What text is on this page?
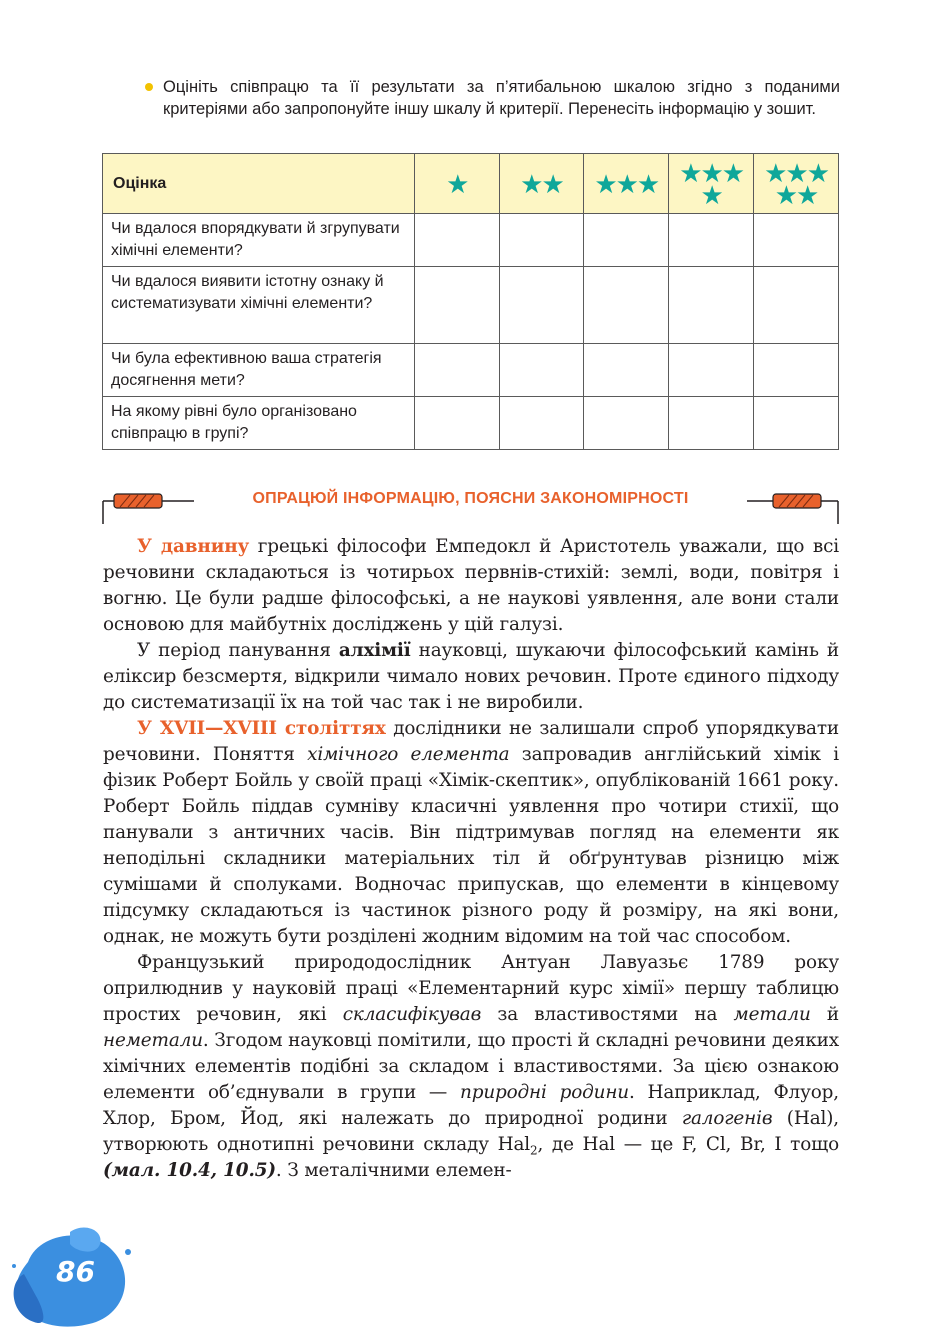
Оцініть співпрацю та її результати за п’ятибальною шкалою згідно з поданими критеріями або запропонуйте іншу шкалу й критерії. Перенесіть інформацію у зошит.
Оцінка	★	★★	★★★	★★★ ★	★★★ ★★
Чи вдалося впорядкувати й згрупувати хімічні елементи?					
Чи вдалося виявити істотну ознаку й систематизувати хімічні елементи?					
Чи була ефективною ваша стратегія досягнення мети?					
На якому рівні було організовано співпрацю в групі?					
ОПРАЦЮЙ ІНФОРМАЦІЮ, ПОЯСНИ ЗАКОНОМІРНОСТІ

У давнину грецькі філософи Емпедокл й Аристотель уважали, що всі речовини складаються із чотирьох первнів-стихій: землі, води, повітря і вогню. Це були радше філософські, а не наукові уявлення, але вони стали основою для майбутніх досліджень у цій галузі.

У період панування алхімії науковці, шукаючи філософський камінь й еліксир безсмертя, відкрили чимало нових речовин. Проте єдиного підходу до систематизації їх на той час так і не виробили.

У XVII—XVIII століттях дослідники не залишали спроб упорядкувати речовини. Поняття хімічного елемента запровадив англійський хімік і фізик Роберт Бойль у своїй праці «Хімік-скептик», опублікованій 1661 року. Роберт Бойль піддав сумніву класичні уявлення про чотири стихії, що панували з античних часів. Він підтримував погляд на елементи як неподільні складники матеріальних тіл й обґрунтував різницю між сумішами й сполуками. Водночас припускав, що елементи в кінцевому підсумку складаються із частинок різного роду й розміру, на які вони, однак, не можуть бути розділені жодним відомим на той час способом.

Французький природодослідник Антуан Лавуазьє 1789 року оприлюднив у науковій праці «Елементарний курс хімії» першу таблицю простих речовин, які скласифікував за властивостями на метали й неметали. Згодом науковці помітили, що прості й складні речовини деяких хімічних елементів подібні за складом і властивостями. За цією ознакою елементи об’єднували в групи — природні родини. Наприклад, Флуор, Хлор, Бром, Йод, які належать до природної родини галогенів (Hal), утворюють однотипні речовини складу Hal$_2$, де Hal — це F, Cl, Br, I тощо (мал. 10.4, 10.5). З металічними елемен-

86
